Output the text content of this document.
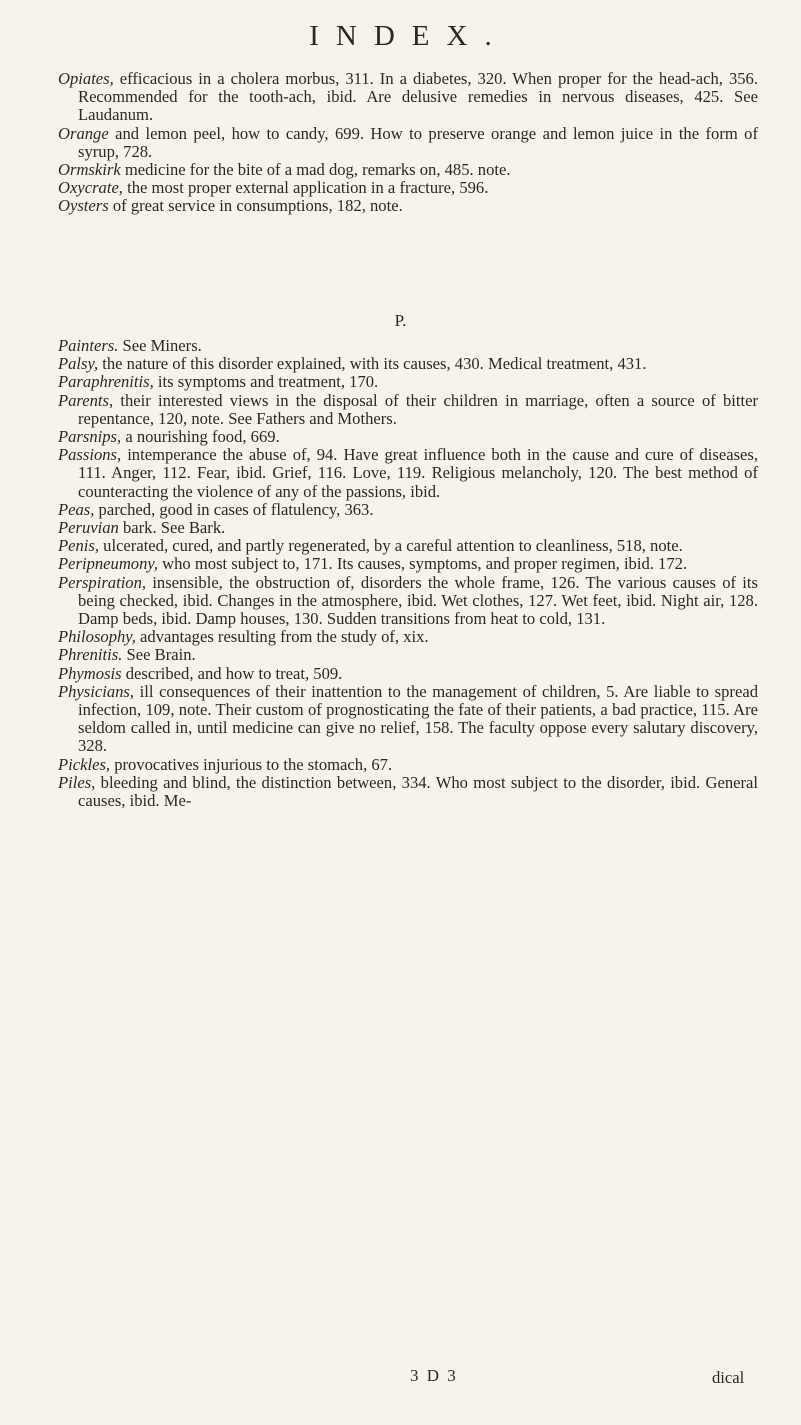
INDEX.
Opiates, efficacious in a cholera morbus, 311. In a diabetes, 320. When proper for the head-ach, 356. Recommended for the tooth-ach, ibid. Are delusive remedies in nervous diseases, 425. See Laudanum.
Orange and lemon peel, how to candy, 699. How to preserve orange and lemon juice in the form of syrup, 728.
Ormskirk medicine for the bite of a mad dog, remarks on, 485. note.
Oxycrate, the most proper external application in a fracture, 596.
Oysters of great service in consumptions, 182, note.
P.
Painters. See Miners.
Palsy, the nature of this disorder explained, with its causes, 430. Medical treatment, 431.
Paraphrenitis, its symptoms and treatment, 170.
Parents, their interested views in the disposal of their children in marriage, often a source of bitter repentance, 120, note. See Fathers and Mothers.
Parsnips, a nourishing food, 669.
Passions, intemperance the abuse of, 94. Have great influence both in the cause and cure of diseases, 111. Anger, 112. Fear, ibid. Grief, 116. Love, 119. Religious melancholy, 120. The best method of counteracting the violence of any of the passions, ibid.
Peas, parched, good in cases of flatulency, 363.
Peruvian bark. See Bark.
Penis, ulcerated, cured, and partly regenerated, by a careful attention to cleanliness, 518, note.
Peripneumony, who most subject to, 171. Its causes, symptoms, and proper regimen, ibid. 172.
Perspiration, insensible, the obstruction of, disorders the whole frame, 126. The various causes of its being checked, ibid. Changes in the atmosphere, ibid. Wet clothes, 127. Wet feet, ibid. Night air, 128. Damp beds, ibid. Damp houses, 130. Sudden transitions from heat to cold, 131.
Philosophy, advantages resulting from the study of, xix.
Phrenitis. See Brain.
Phymosis described, and how to treat, 509.
Physicians, ill consequences of their inattention to the management of children, 5. Are liable to spread infection, 109, note. Their custom of prognosticating the fate of their patients, a bad practice, 115. Are seldom called in, until medicine can give no relief, 158. The faculty oppose every salutary discovery, 328.
Pickles, provocatives injurious to the stomach, 67.
Piles, bleeding and blind, the distinction between, 334. Who most subject to the disorder, ibid. General causes, ibid. Me-
3 D 3	dical
